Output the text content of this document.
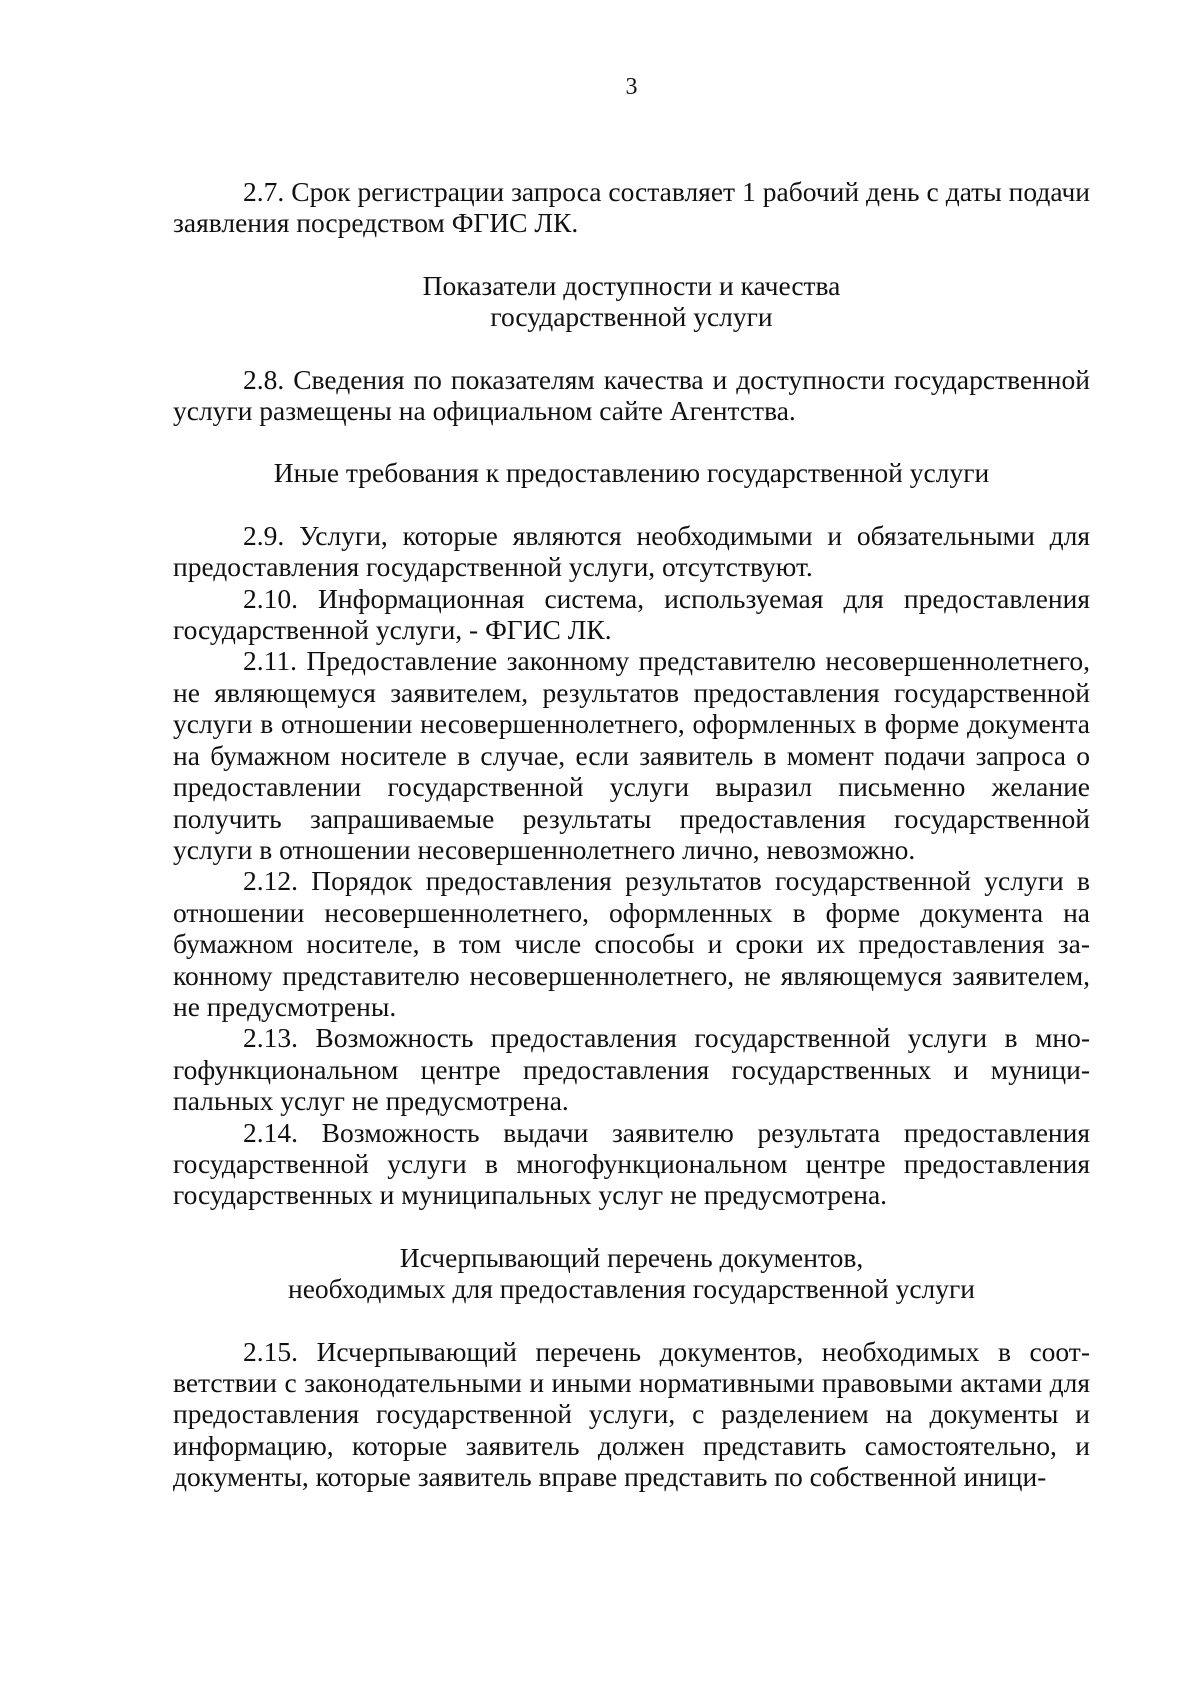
3

2.7. Срок регистрации запроса составляет 1 рабочий день с даты подачи заявления посредством ФГИС ЛК.

Показатели доступности и качества
государственной услуги

2.8. Сведения по показателям качества и доступности государственной услуги размещены на официальном сайте Агентства.

Иные требования к предоставлению государственной услуги

2.9. Услуги, которые являются необходимыми и обязательными для предоставления государственной услуги, отсутствуют.

2.10. Информационная система, используемая для предоставления государственной услуги, - ФГИС ЛК.

2.11. Предоставление законному представителю несовершеннолетнего, не являющемуся заявителем, результатов предоставления государственной услуги в отношении несовершеннолетнего, оформленных в форме документа на бумажном носителе в случае, если заявитель в момент подачи запроса о предоставлении государственной услуги выразил письменно желание получить запрашиваемые результаты предоставления государственной услуги в отношении несовершеннолетнего лично, невозможно.

2.12. Порядок предоставления результатов государственной услуги в отношении несовершеннолетнего, оформленных в форме документа на бумажном носителе, в том числе способы и сроки их предоставления законному представителю несовершеннолетнего, не являющемуся заявителем, не предусмотрены.

2.13. Возможность предоставления государственной услуги в многофункциональном центре предоставления государственных и муниципальных услуг не предусмотрена.

2.14. Возможность выдачи заявителю результата предоставления государственной услуги в многофункциональном центре предоставления государственных и муниципальных услуг не предусмотрена.

Исчерпывающий перечень документов,
необходимых для предоставления государственной услуги

2.15. Исчерпывающий перечень документов, необходимых в соответствии с законодательными и иными нормативными правовыми актами для предоставления государственной услуги, с разделением на документы и информацию, которые заявитель должен представить самостоятельно, и документы, которые заявитель вправе представить по собственной иници-
